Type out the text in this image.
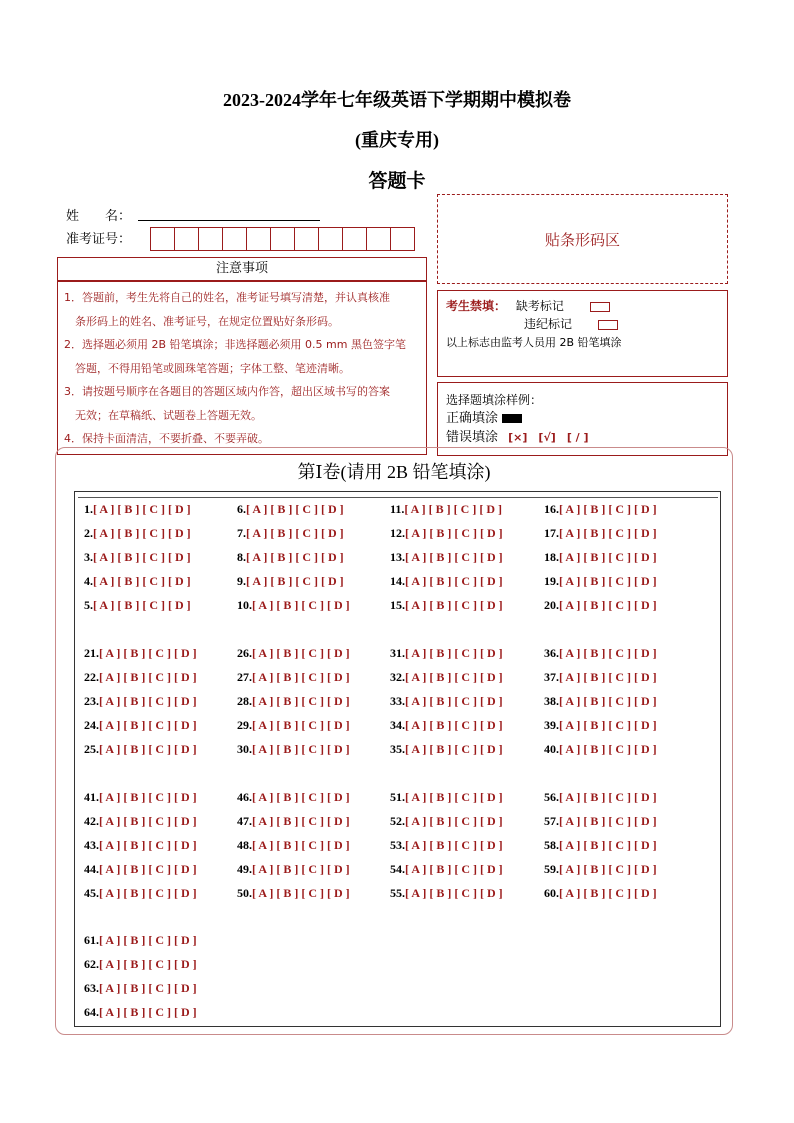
2023-2024学年七年级英语下学期期中模拟卷
(重庆专用)
答题卡
姓　　名：
准考证号：
注意事项
1．答题前，考生先将自己的姓名，准考证号填写清楚，并认真核准
　条形码上的姓名、准考证号，在规定位置贴好条形码。
2．选择题必须用 2B 铅笔填涂；非选择题必须用 0.5 mm 黑色签字笔
　答题，不得用铅笔或圆珠笔答题；字体工整、笔迹清晰。
3．请按题号顺序在各题目的答题区域内作答，超出区域书写的答案
　无效；在草稿纸、试题卷上答题无效。
4．保持卡面清洁，不要折叠、不要弄破。
贴条形码区
考生禁填： 缺考标记
违纪标记
以上标志由监考人员用 2B 铅笔填涂
选择题填涂样例：
正确填涂
错误填涂 [×]　[√]　[ / ]
第Ⅰ卷(请用 2B 铅笔填涂)
1.[ A ] [ B ] [ C ] [ D ]
2.[ A ] [ B ] [ C ] [ D ]
3.[ A ] [ B ] [ C ] [ D ]
4.[ A ] [ B ] [ C ] [ D ]
5.[ A ] [ B ] [ C ] [ D ]
6.[ A ] [ B ] [ C ] [ D ]
7.[ A ] [ B ] [ C ] [ D ]
8.[ A ] [ B ] [ C ] [ D ]
9.[ A ] [ B ] [ C ] [ D ]
10.[ A ] [ B ] [ C ] [ D ]
11.[ A ] [ B ] [ C ] [ D ]
12.[ A ] [ B ] [ C ] [ D ]
13.[ A ] [ B ] [ C ] [ D ]
14.[ A ] [ B ] [ C ] [ D ]
15.[ A ] [ B ] [ C ] [ D ]
16.[ A ] [ B ] [ C ] [ D ]
17.[ A ] [ B ] [ C ] [ D ]
18.[ A ] [ B ] [ C ] [ D ]
19.[ A ] [ B ] [ C ] [ D ]
20.[ A ] [ B ] [ C ] [ D ]
21.[ A ] [ B ] [ C ] [ D ]
22.[ A ] [ B ] [ C ] [ D ]
23.[ A ] [ B ] [ C ] [ D ]
24.[ A ] [ B ] [ C ] [ D ]
25.[ A ] [ B ] [ C ] [ D ]
26.[ A ] [ B ] [ C ] [ D ]
27.[ A ] [ B ] [ C ] [ D ]
28.[ A ] [ B ] [ C ] [ D ]
29.[ A ] [ B ] [ C ] [ D ]
30.[ A ] [ B ] [ C ] [ D ]
31.[ A ] [ B ] [ C ] [ D ]
32.[ A ] [ B ] [ C ] [ D ]
33.[ A ] [ B ] [ C ] [ D ]
34.[ A ] [ B ] [ C ] [ D ]
35.[ A ] [ B ] [ C ] [ D ]
36.[ A ] [ B ] [ C ] [ D ]
37.[ A ] [ B ] [ C ] [ D ]
38.[ A ] [ B ] [ C ] [ D ]
39.[ A ] [ B ] [ C ] [ D ]
40.[ A ] [ B ] [ C ] [ D ]
41.[ A ] [ B ] [ C ] [ D ]
42.[ A ] [ B ] [ C ] [ D ]
43.[ A ] [ B ] [ C ] [ D ]
44.[ A ] [ B ] [ C ] [ D ]
45.[ A ] [ B ] [ C ] [ D ]
46.[ A ] [ B ] [ C ] [ D ]
47.[ A ] [ B ] [ C ] [ D ]
48.[ A ] [ B ] [ C ] [ D ]
49.[ A ] [ B ] [ C ] [ D ]
50.[ A ] [ B ] [ C ] [ D ]
51.[ A ] [ B ] [ C ] [ D ]
52.[ A ] [ B ] [ C ] [ D ]
53.[ A ] [ B ] [ C ] [ D ]
54.[ A ] [ B ] [ C ] [ D ]
55.[ A ] [ B ] [ C ] [ D ]
56.[ A ] [ B ] [ C ] [ D ]
57.[ A ] [ B ] [ C ] [ D ]
58.[ A ] [ B ] [ C ] [ D ]
59.[ A ] [ B ] [ C ] [ D ]
60.[ A ] [ B ] [ C ] [ D ]
61.[ A ] [ B ] [ C ] [ D ]
62.[ A ] [ B ] [ C ] [ D ]
63.[ A ] [ B ] [ C ] [ D ]
64.[ A ] [ B ] [ C ] [ D ]
